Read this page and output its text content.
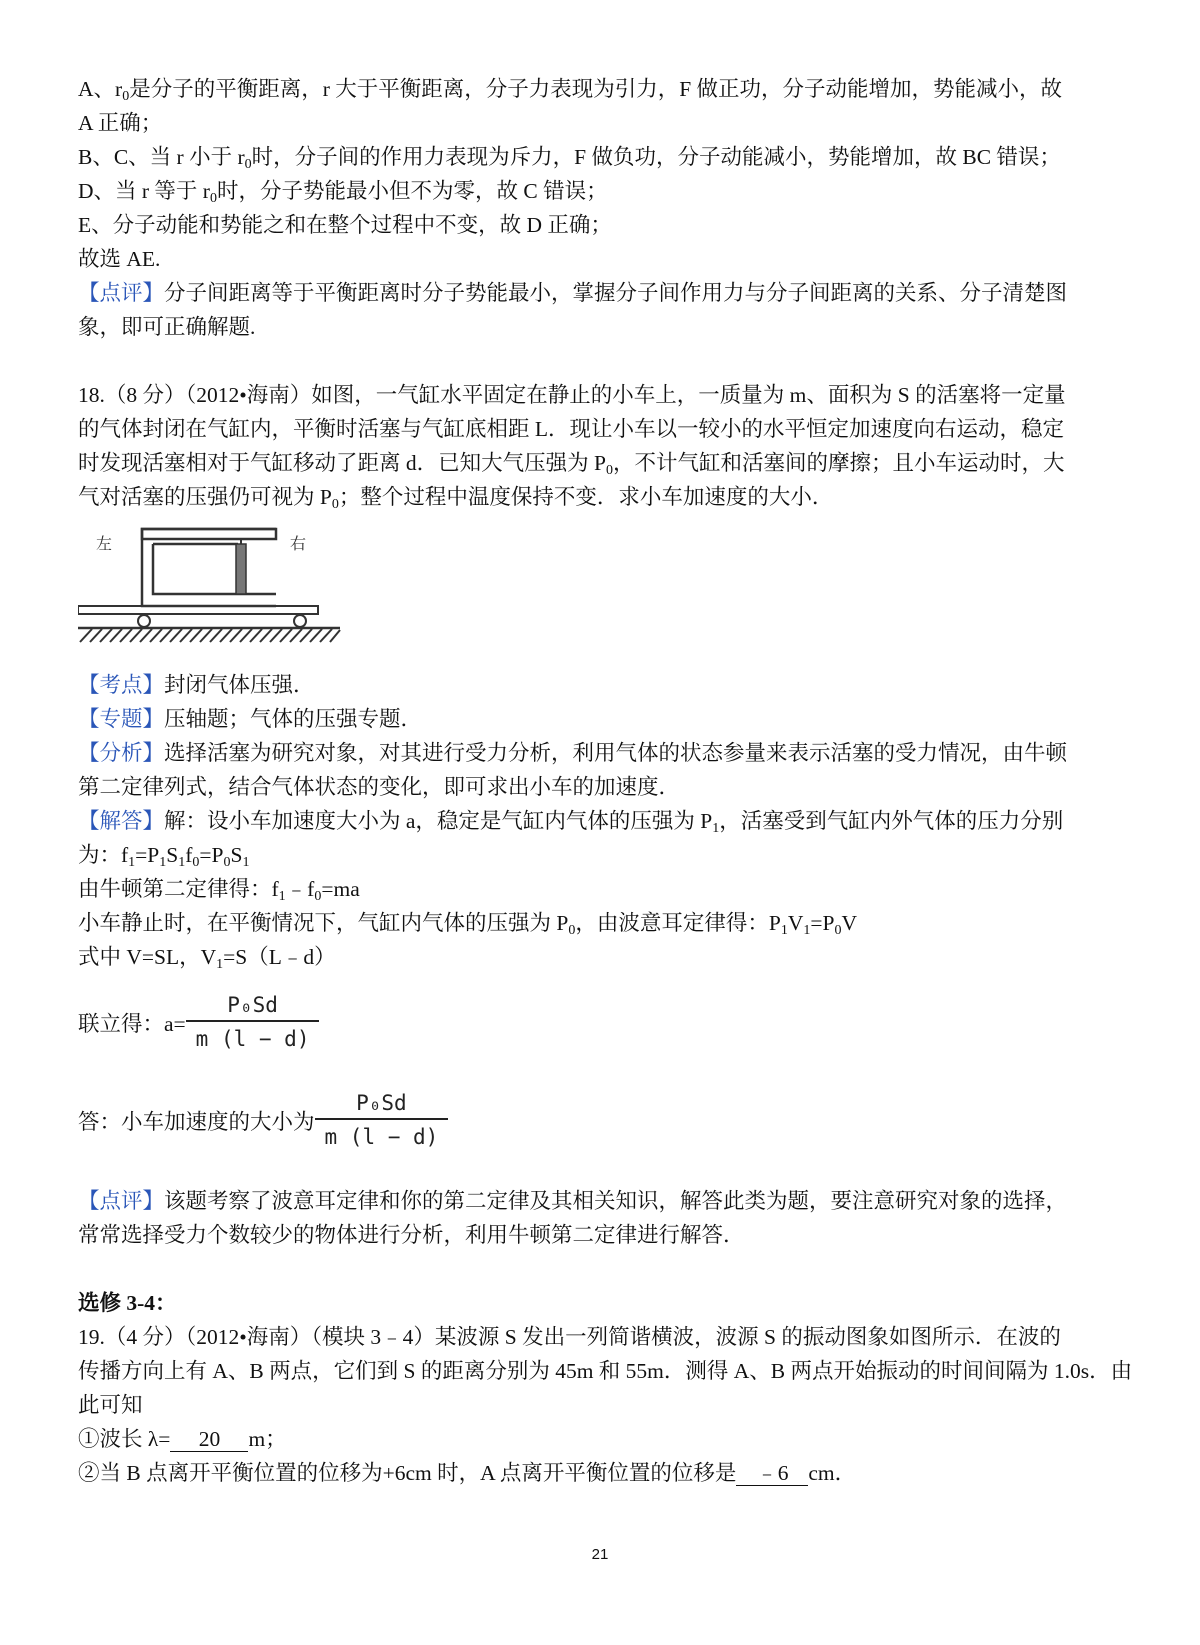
A、$r_0$是分子的平衡距离，r 大于平衡距离，分子力表现为引力，F 做正功，分子动能增加，势能减小，故
A 正确；
B、C、当 r 小于 $r_0$时，分子间的作用力表现为斥力，F 做负功，分子动能减小，势能增加，故 BC 错误；
D、当 r 等于 $r_0$时，分子势能最小但不为零，故 C 错误；
E、分子动能和势能之和在整个过程中不变，故 D 正确；
故选 AE.
【点评】分子间距离等于平衡距离时分子势能最小，掌握分子间作用力与分子间距离的关系、分子清楚图
象，即可正确解题.
18.（8 分）（2012•海南）如图，一气缸水平固定在静止的小车上，一质量为 m、面积为 S 的活塞将一定量
的气体封闭在气缸内，平衡时活塞与气缸底相距 L．现让小车以一较小的水平恒定加速度向右运动，稳定
时发现活塞相对于气缸移动了距离 d．已知大气压强为 $P_0$，不计气缸和活塞间的摩擦；且小车运动时，大
气对活塞的压强仍可视为 $P_0$；整个过程中温度保持不变．求小车加速度的大小．
左	右
【考点】封闭气体压强．
【专题】压轴题；气体的压强专题．
【分析】选择活塞为研究对象，对其进行受力分析，利用气体的状态参量来表示活塞的受力情况，由牛顿
第二定律列式，结合气体状态的变化，即可求出小车的加速度．
【解答】解：设小车加速度大小为 a，稳定是气缸内气体的压强为 $P_1$，活塞受到气缸内外气体的压力分别
为：$f_1=P_1S_1f_0=P_0S_1$
由牛顿第二定律得：$f_1﹣f_0=ma$
小车静止时，在平衡情况下，气缸内气体的压强为 $P_0$，由波意耳定律得：$P_1V_1=P_0V$
式中 V=SL，$V_1=S(L﹣d)$
联立得：$a= \frac{\text{P₀Sd}}{m (l - d)}$
答：小车加速度的大小为 $\frac{\text{P₀Sd}}{m (l - d)}$
【点评】该题考察了波意耳定律和你的第二定律及其相关知识，解答此类为题，要注意研究对象的选择，
常常选择受力个数较少的物体进行分析，利用牛顿第二定律进行解答．
选修 3-4：
19.（4 分）（2012•海南）（模块 3﹣4）某波源 S 发出一列简谐横波，波源 S 的振动图象如图所示．在波的
传播方向上有 A、B 两点，它们到 S 的距离分别为 45m 和 55m．测得 A、B 两点开始振动的时间间隔为 1.0s．由
此可知
①波长 λ= 20 m；
②当 B 点离开平衡位置的位移为+6cm 时，A 点离开平衡位置的位移是 ﹣6 cm．
21
